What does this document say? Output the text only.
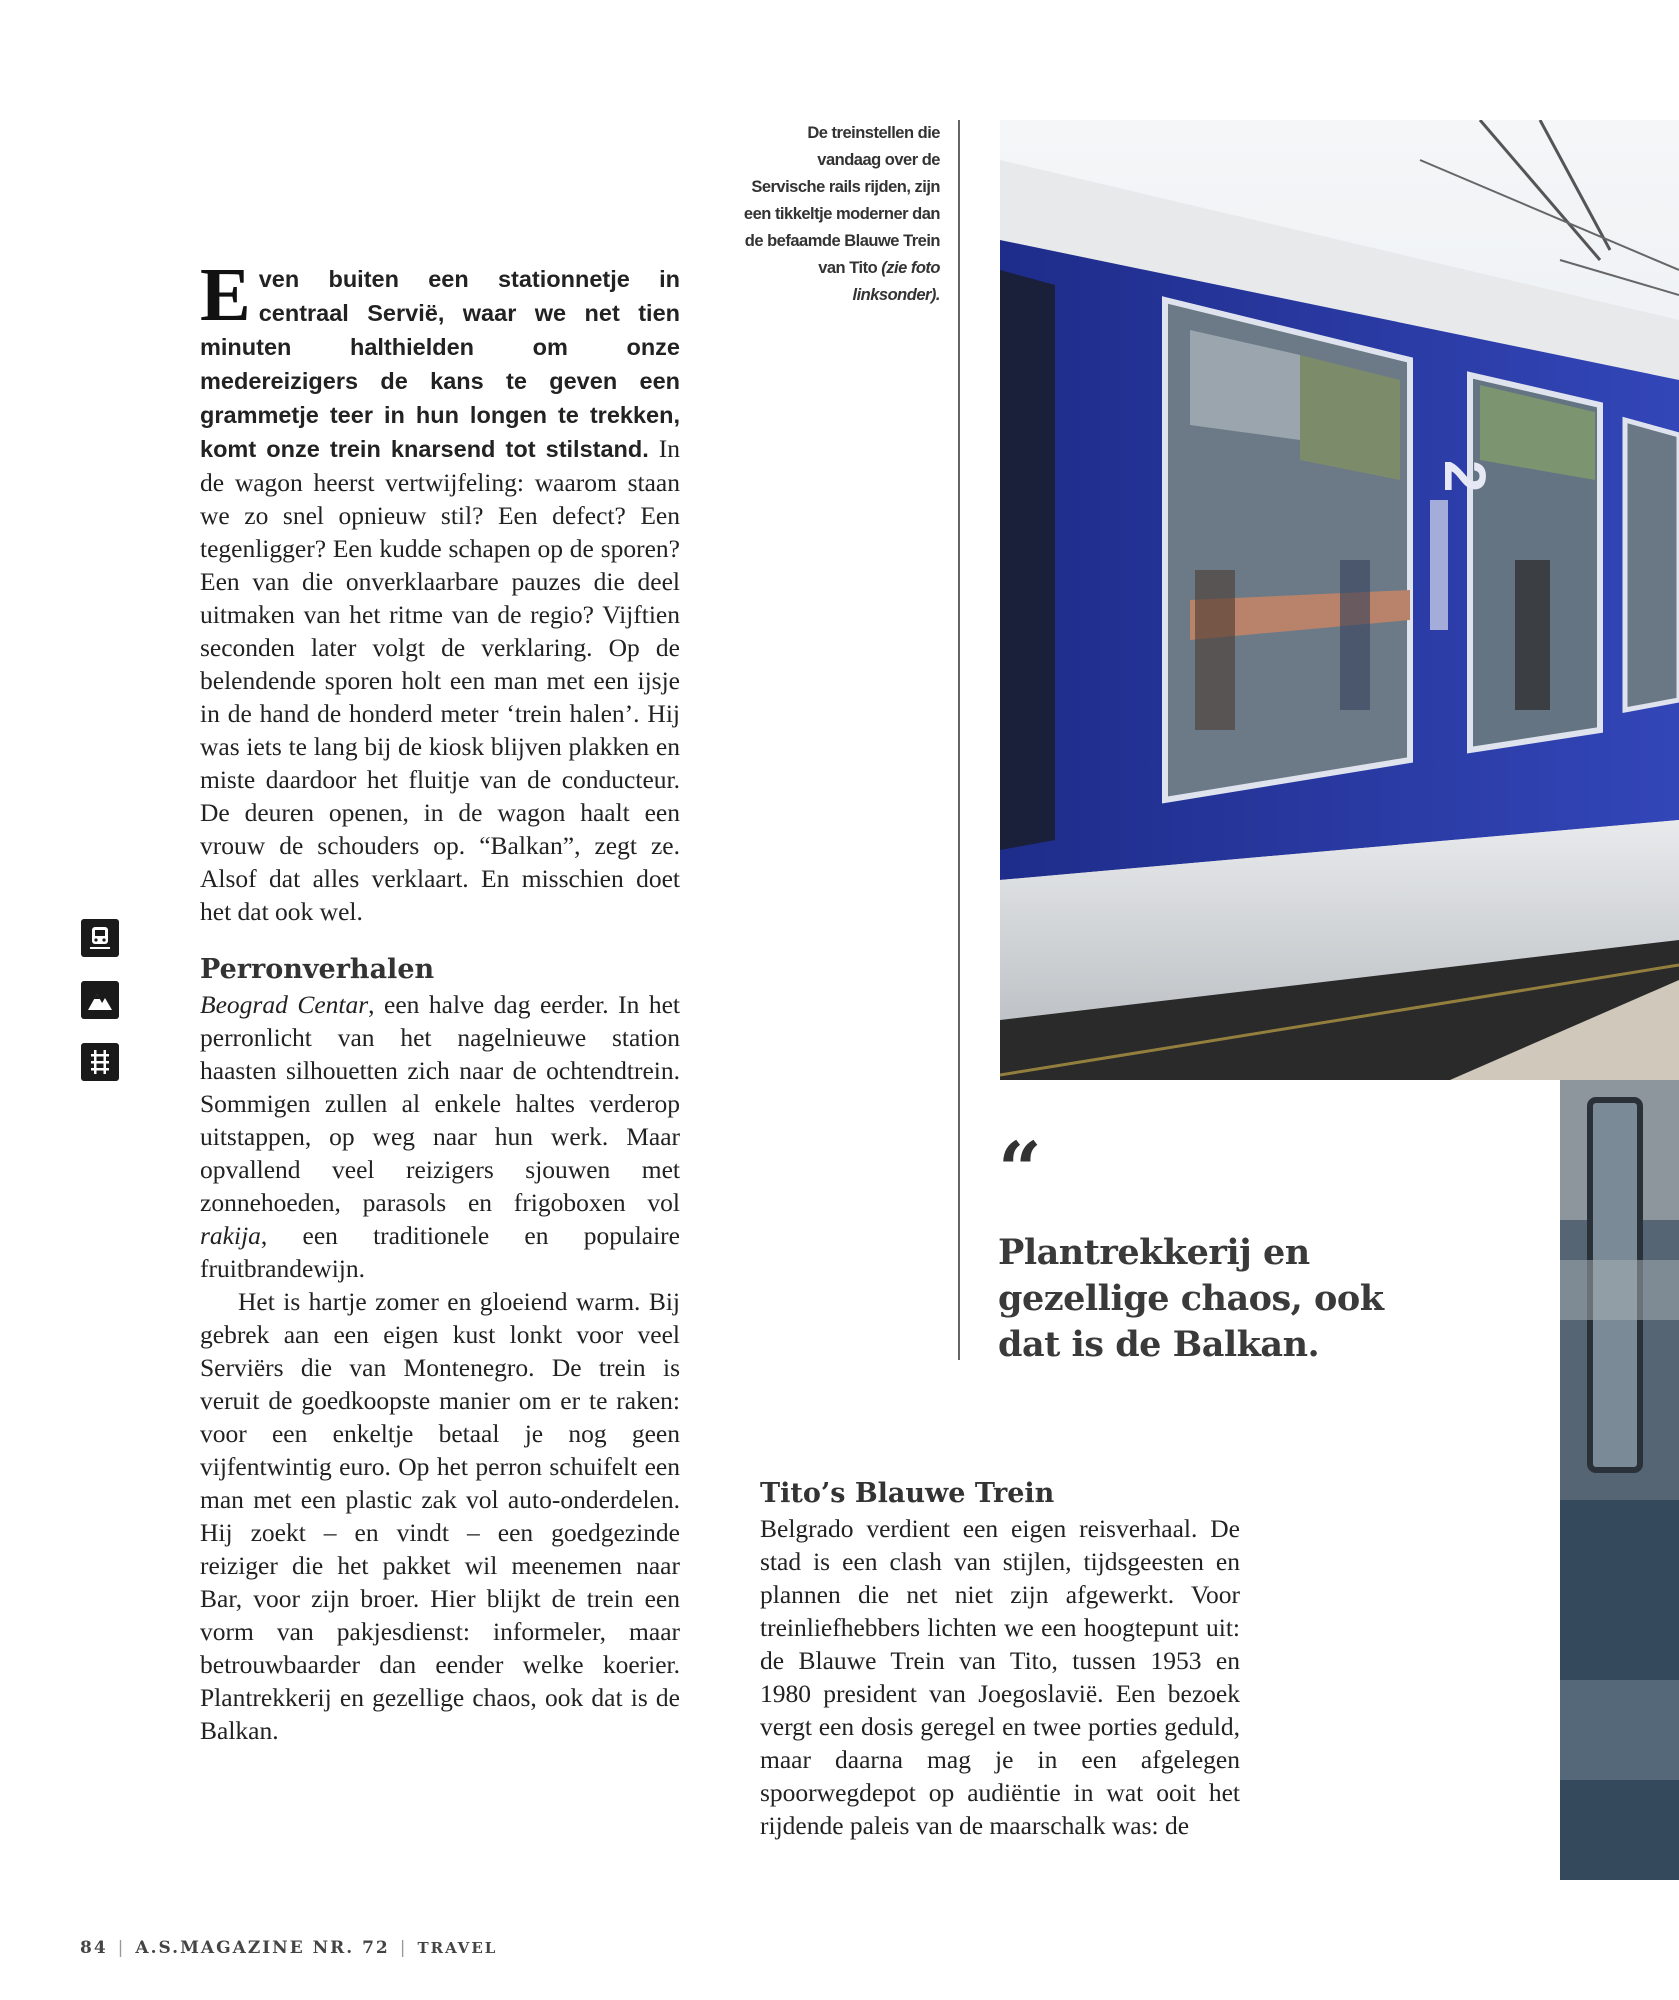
Even buiten een stationnetje in centraal Servië, waar we net tien minuten halthielden om onze medereizigers de kans te geven een grammetje teer in hun longen te trekken, komt onze trein knarsend tot stilstand. In de wagon heerst vertwijfeling: waarom staan we zo snel opnieuw stil? Een defect? Een tegenligger? Een kudde schapen op de sporen? Een van die onverklaarbare pauzes die deel uitmaken van het ritme van de regio? Vijftien seconden later volgt de verklaring. Op de belendende sporen holt een man met een ijsje in de hand de honderd meter ‘trein halen’. Hij was iets te lang bij de kiosk blijven plakken en miste daardoor het fluitje van de conducteur. De deuren openen, in de wagon haalt een vrouw de schouders op. “Balkan”, zegt ze. Alsof dat alles verklaart. En misschien doet het dat ook wel.

Perronverhalen

Beograd Centar, een halve dag eerder. In het perronlicht van het nagelnieuwe station haasten silhouetten zich naar de ochtendtrein. Sommigen zullen al enkele haltes verderop uitstappen, op weg naar hun werk. Maar opvallend veel reizigers sjouwen met zonnehoeden, parasols en frigoboxen vol rakija, een traditionele en populaire fruitbrandewijn.

Het is hartje zomer en gloeiend warm. Bij gebrek aan een eigen kust lonkt voor veel Serviërs die van Montenegro. De trein is veruit de goedkoopste manier om er te raken: voor een enkeltje betaal je nog geen vijfentwintig euro. Op het perron schuifelt een man met een plastic zak vol auto-onderdelen. Hij zoekt – en vindt – een goedgezinde reiziger die het pakket wil meenemen naar Bar, voor zijn broer. Hier blijkt de trein een vorm van pakjesdienst: informeler, maar betrouwbaarder dan eender welke koerier. Plantrekkerij en gezellige chaos, ook dat is de Balkan.

De treinstellen die vandaag over de Servische rails rijden, zijn een tikkeltje moderner dan de befaamde Blauwe Trein van Tito (zie foto linksonder).
2
“
Plantrekkerij en gezellige chaos, ook dat is de Balkan.
Tito’s Blauwe Trein

Belgrado verdient een eigen reisverhaal. De stad is een clash van stijlen, tijdsgeesten en plannen die net niet zijn afgewerkt. Voor treinliefhebbers lichten we een hoogtepunt uit: de Blauwe Trein van Tito, tussen 1953 en 1980 president van Joegoslavië. Een bezoek vergt een dosis geregel en twee porties geduld, maar daarna mag je in een afgelegen spoorwegdepot op audiëntie in wat ooit het rijdende paleis van de maarschalk was: de

84 | A.S.MAGAZINE NR. 72 | TRAVEL
